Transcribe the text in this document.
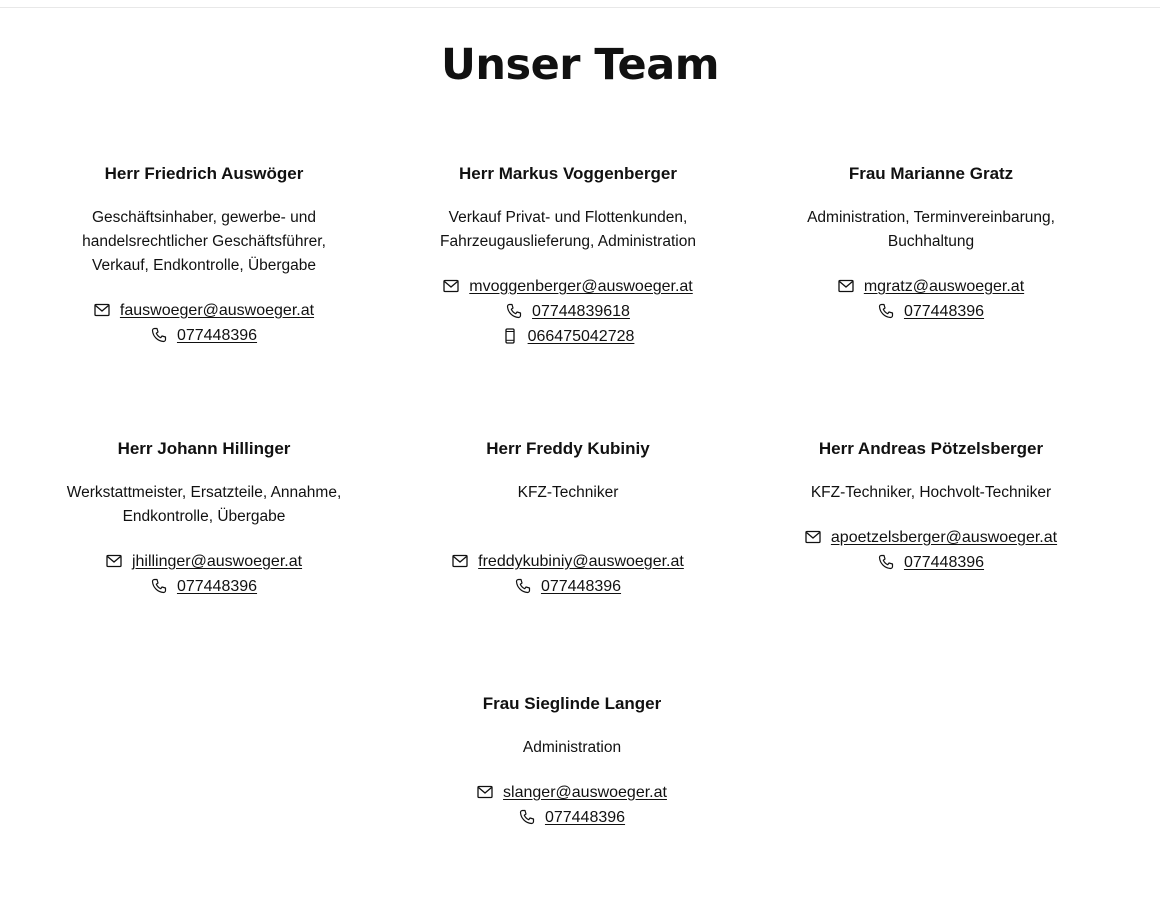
Unser Team
Herr Friedrich Auswöger
Geschäftsinhaber, gewerbe- und handelsrechtlicher Geschäftsführer, Verkauf, Endkontrolle, Übergabe
fauswoeger@auswoeger.at
077448396
Herr Markus Voggenberger
Verkauf Privat- und Flottenkunden, Fahrzeugauslieferung, Administration
mvoggenberger@auswoeger.at
07744839618
066475042728
Frau Marianne Gratz
Administration, Terminvereinbarung, Buchhaltung
mgratz@auswoeger.at
077448396
Herr Johann Hillinger
Werkstattmeister, Ersatzteile, Annahme, Endkontrolle, Übergabe
jhillinger@auswoeger.at
077448396
Herr Freddy Kubiniy
KFZ-Techniker
freddykubiniy@auswoeger.at
077448396
Herr Andreas Pötzelsberger
KFZ-Techniker, Hochvolt-Techniker
apoetzelsberger@auswoeger.at
077448396
Frau Sieglinde Langer
Administration
slanger@auswoeger.at
077448396
